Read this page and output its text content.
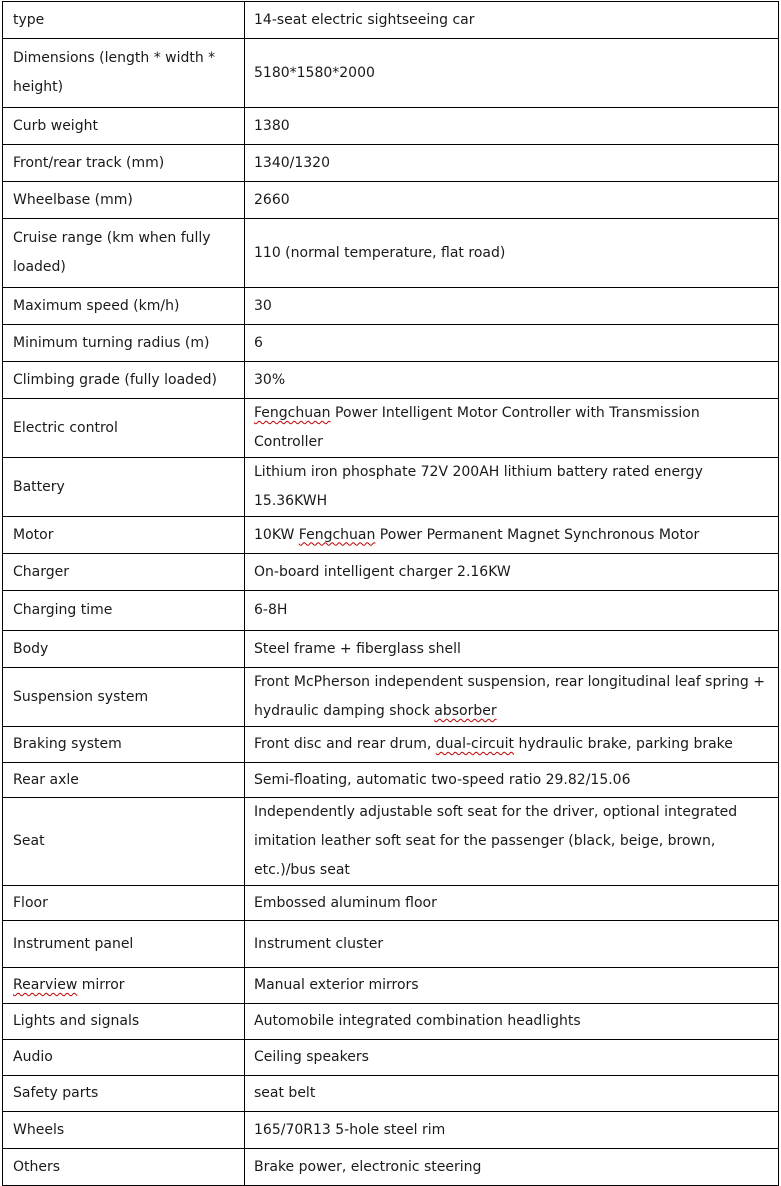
type	14-seat electric sightseeing car
Dimensions (length * width * height)	5180*1580*2000
Curb weight	1380
Front/rear track (mm)	1340/1320
Wheelbase (mm)	2660
Cruise range (km when fully loaded)	110 (normal temperature, flat road)
Maximum speed (km/h)	30
Minimum turning radius (m)	6
Climbing grade (fully loaded)	30%
Electric control	Fengchuan Power Intelligent Motor Controller with Transmission Controller
Battery	Lithium iron phosphate 72V 200AH lithium battery rated energy 15.36KWH
Motor	10KW Fengchuan Power Permanent Magnet Synchronous Motor
Charger	On-board intelligent charger 2.16KW
Charging time	6-8H
Body	Steel frame + fiberglass shell
Suspension system	Front McPherson independent suspension, rear longitudinal leaf spring + hydraulic damping shock absorber
Braking system	Front disc and rear drum, dual-circuit hydraulic brake, parking brake
Rear axle	Semi-floating, automatic two-speed ratio 29.82/15.06
Seat	Independently adjustable soft seat for the driver, optional integrated imitation leather soft seat for the passenger (black, beige, brown, etc.)/bus seat
Floor	Embossed aluminum floor
Instrument panel	Instrument cluster
Rearview mirror	Manual exterior mirrors
Lights and signals	Automobile integrated combination headlights
Audio	Ceiling speakers
Safety parts	seat belt
Wheels	165/70R13 5-hole steel rim
Others	Brake power, electronic steering
